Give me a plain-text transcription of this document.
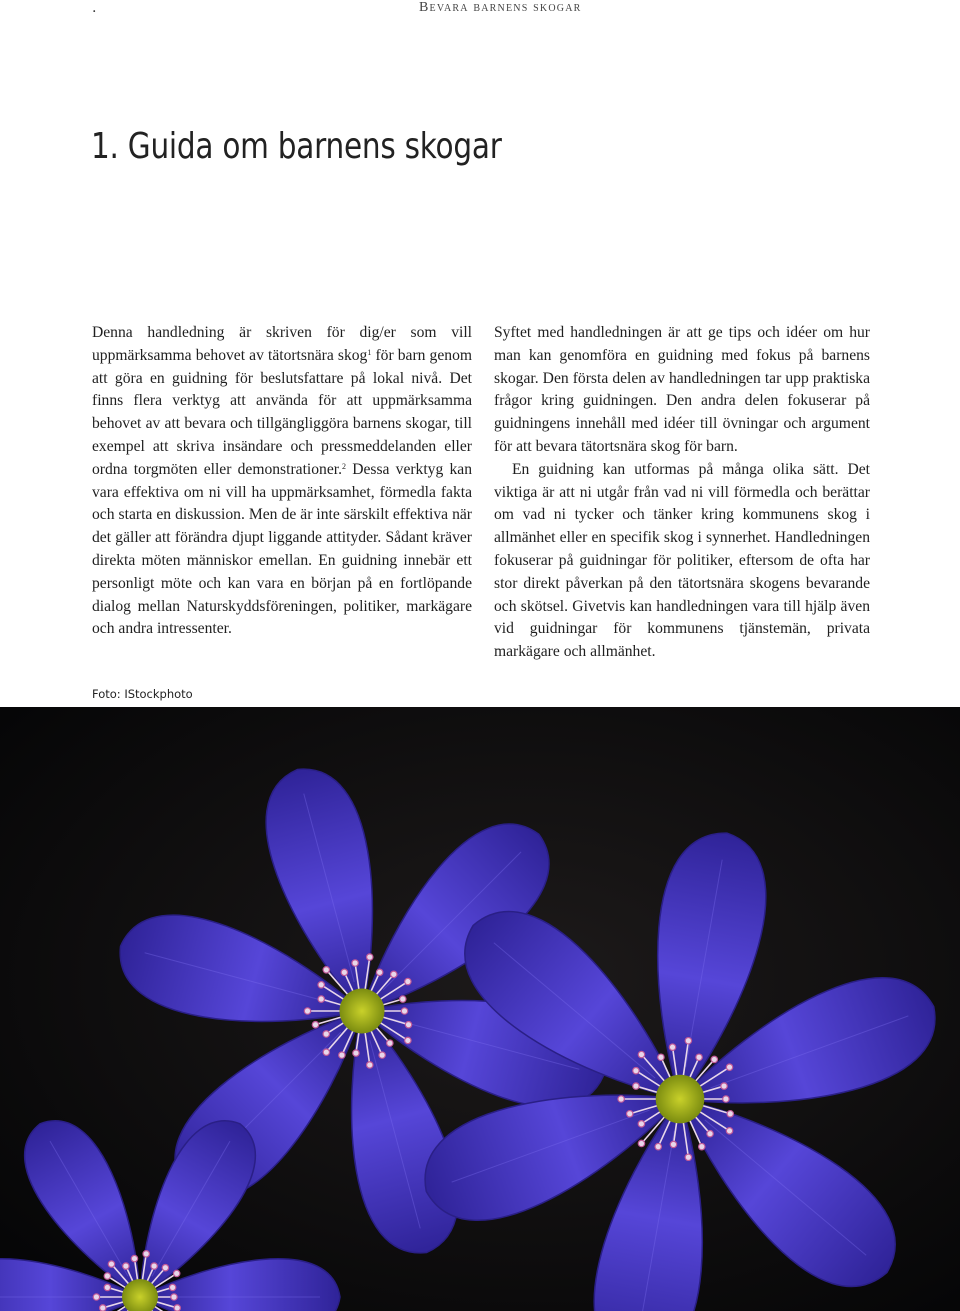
.	Bevara barnens skogar
1. Guida om barnens skogar

Denna handledning är skriven för dig/er som vill uppmärksamma behovet av tätortsnära skog$^1$ för barn genom att göra en guidning för beslutsfattare på lokal nivå. Det finns flera verktyg att använda för att uppmärksamma behovet av att bevara och tillgängliggöra barnens skogar, till exempel att skriva insändare och pressmeddelanden eller ordna torgmöten eller demonstrationer.$^2$ Dessa verktyg kan vara effektiva om ni vill ha uppmärksamhet, förmedla fakta och starta en diskussion. Men de är inte särskilt effektiva när det gäller att förändra djupt liggande attityder. Sådant kräver direkta möten människor emellan. En guidning innebär ett personligt möte och kan vara en början på en fortlöpande dialog mellan Naturskyddsföreningen, politiker, markägare och andra intressenter.

Syftet med handledningen är att ge tips och idéer om hur man kan genomföra en guidning med fokus på barnens skogar. Den första delen av handledningen tar upp praktiska frågor kring guidningen. Den andra delen fokuserar på guidningens innehåll med idéer till övningar och argument för att bevara tätortsnära skog för barn.

En guidning kan utformas på många olika sätt. Det viktiga är att ni utgår från vad ni vill förmedla och berättar om vad ni tycker och tänker kring kommunens skog i allmänhet eller en specifik skog i synnerhet. Handledningen fokuserar på guidningar för politiker, eftersom de ofta har stor direkt påverkan på den tätortsnära skogens bevarande och skötsel. Givetvis kan handledningen vara till hjälp även vid guidningar för kommunens tjänstemän, privata markägare och allmänhet.

Foto: IStockphoto
